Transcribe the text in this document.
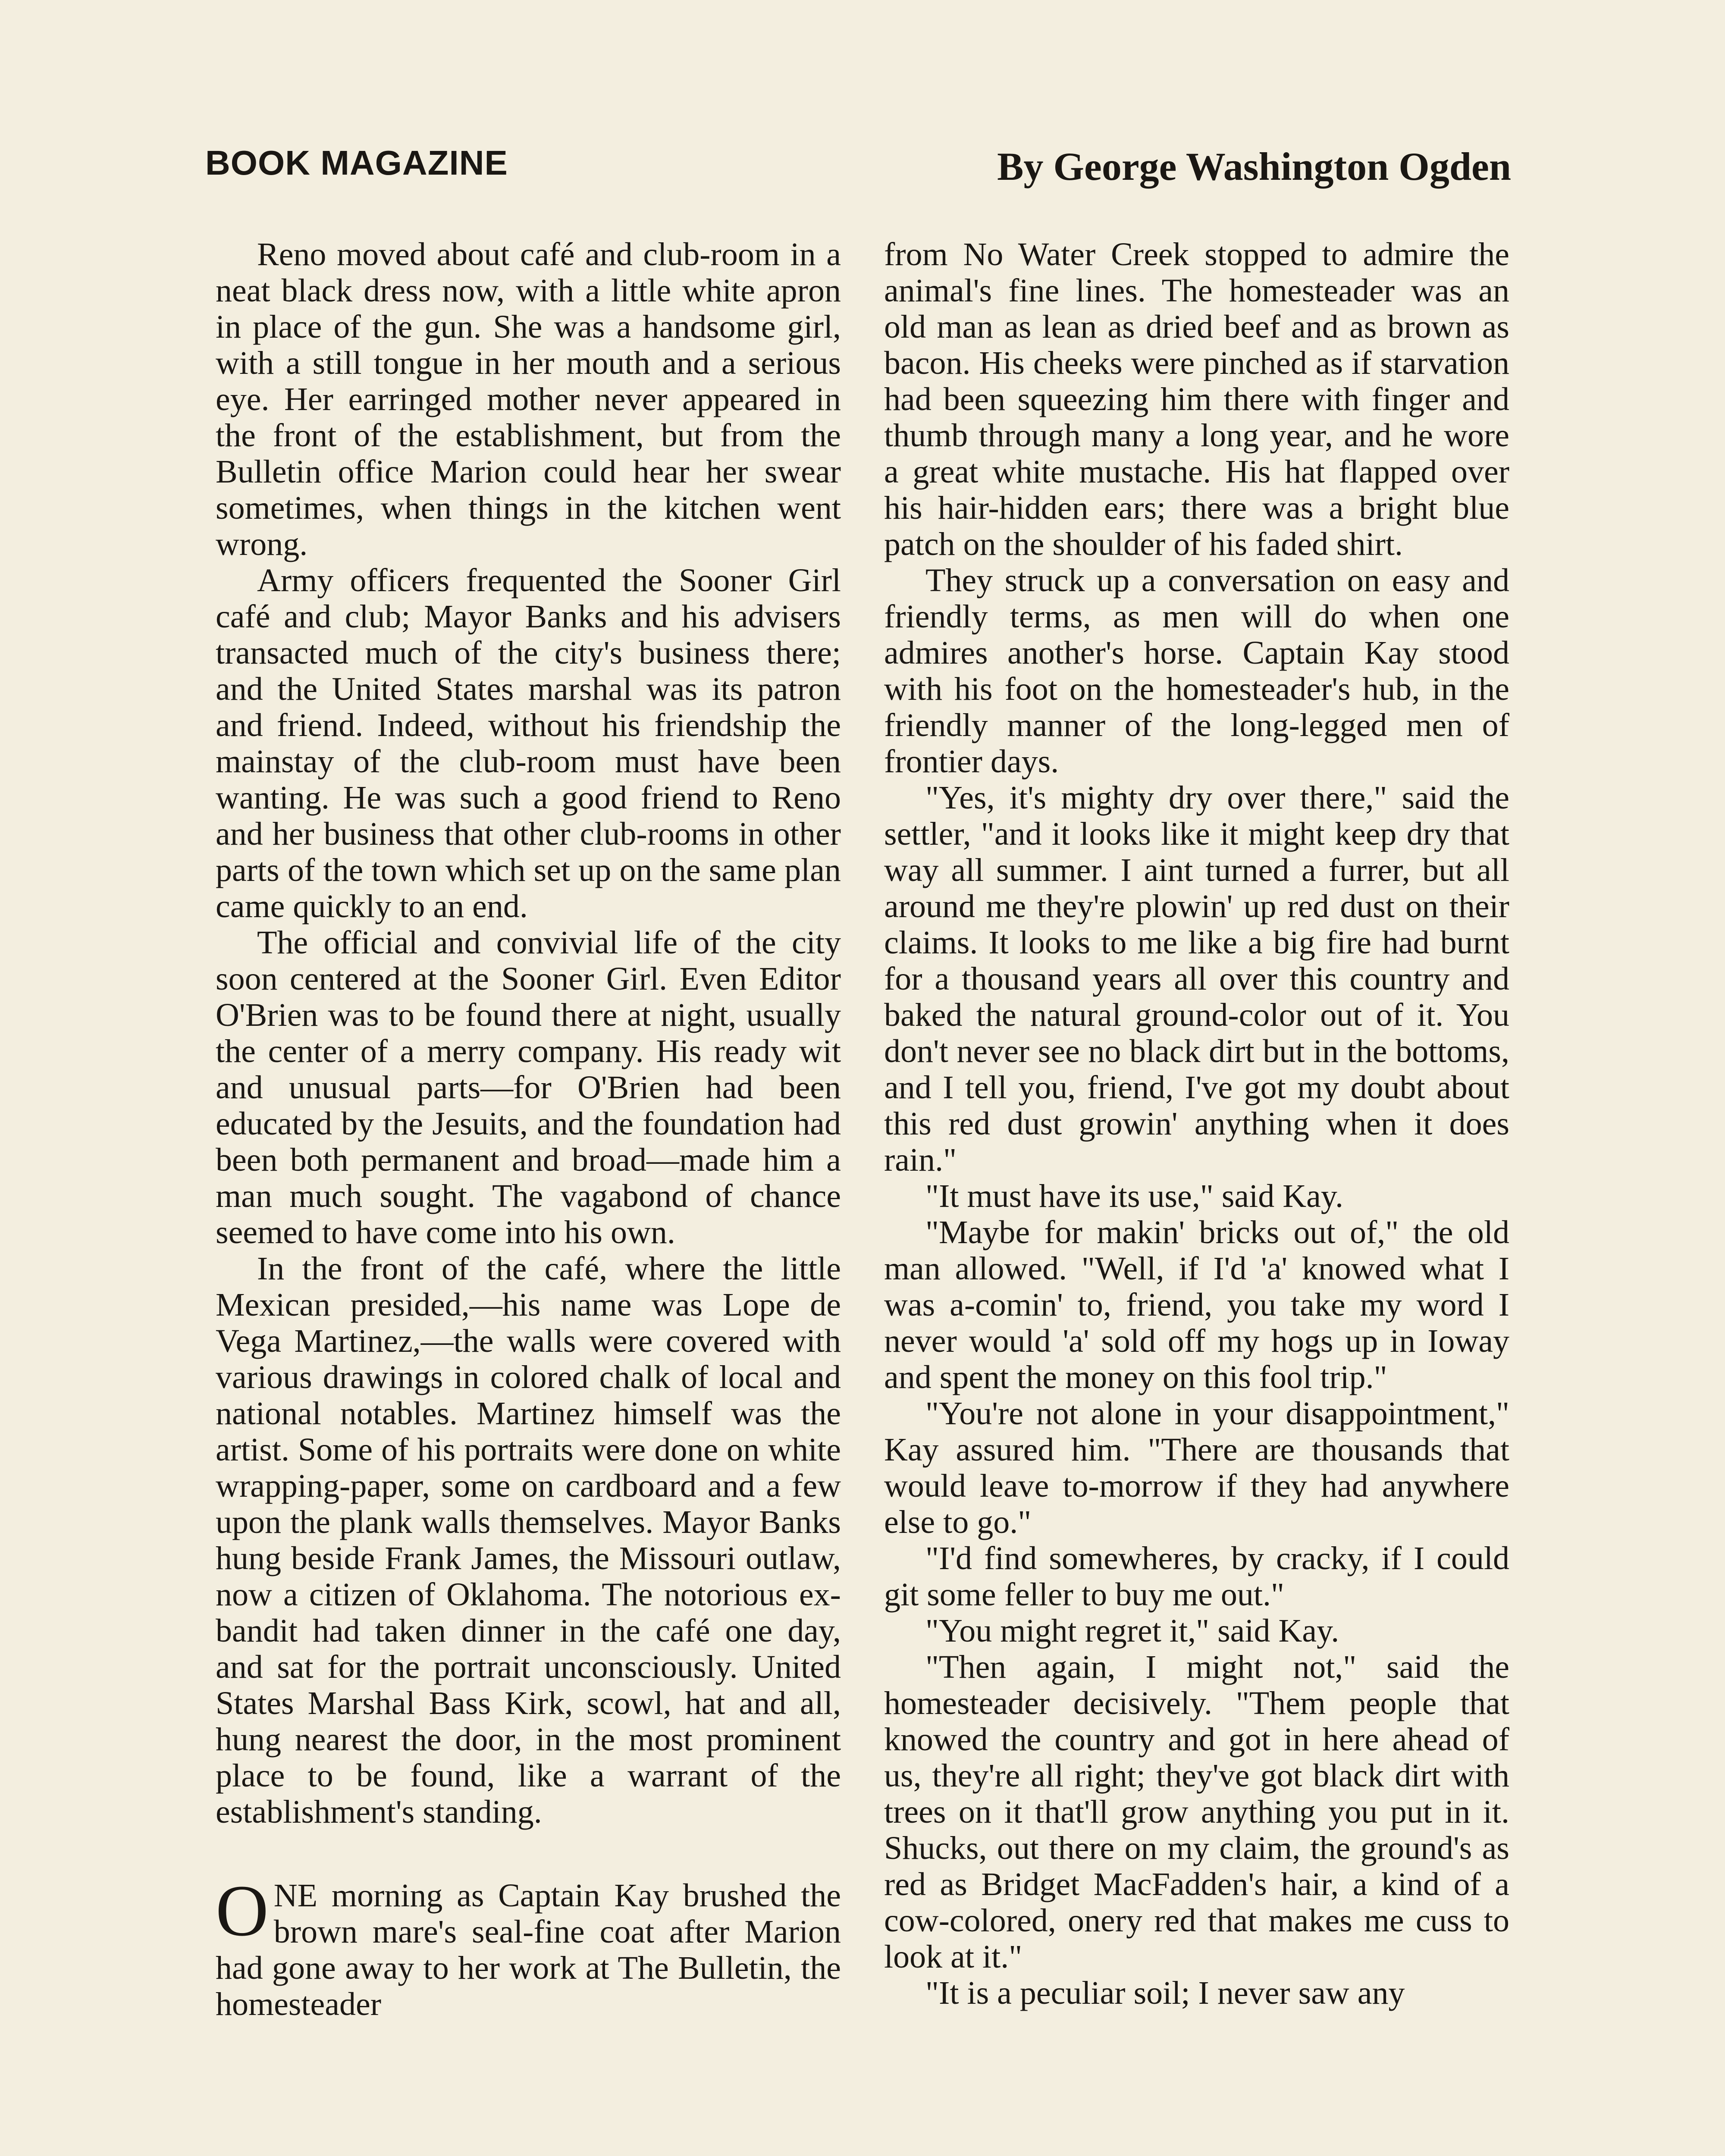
BOOK MAGAZINE	By George Washington Ogden

Reno moved about café and club-room in a neat black dress now, with a little white apron in place of the gun. She was a handsome girl, with a still tongue in her mouth and a serious eye. Her earringed mother never appeared in the front of the establishment, but from the Bulletin office Marion could hear her swear sometimes, when things in the kitchen went wrong.

Army officers frequented the Sooner Girl café and club; Mayor Banks and his advisers transacted much of the city's business there; and the United States marshal was its patron and friend. Indeed, without his friendship the mainstay of the club-room must have been wanting. He was such a good friend to Reno and her business that other club-rooms in other parts of the town which set up on the same plan came quickly to an end.

The official and convivial life of the city soon centered at the Sooner Girl. Even Editor O'Brien was to be found there at night, usually the center of a merry company. His ready wit and unusual parts—for O'Brien had been educated by the Jesuits, and the foundation had been both permanent and broad—made him a man much sought. The vagabond of chance seemed to have come into his own.

In the front of the café, where the little Mexican presided,—his name was Lope de Vega Martinez,—the walls were covered with various drawings in colored chalk of local and national notables. Martinez himself was the artist. Some of his portraits were done on white wrapping-paper, some on cardboard and a few upon the plank walls themselves. Mayor Banks hung beside Frank James, the Missouri outlaw, now a citizen of Oklahoma. The notorious ex-bandit had taken dinner in the café one day, and sat for the portrait unconsciously. United States Marshal Bass Kirk, scowl, hat and all, hung nearest the door, in the most prominent place to be found, like a warrant of the establishment's standing.

ONE morning as Captain Kay brushed the brown mare's seal-fine coat after Marion had gone away to her work at The Bulletin, the homesteader

from No Water Creek stopped to admire the animal's fine lines. The homesteader was an old man as lean as dried beef and as brown as bacon. His cheeks were pinched as if starvation had been squeezing him there with finger and thumb through many a long year, and he wore a great white mustache. His hat flapped over his hair-hidden ears; there was a bright blue patch on the shoulder of his faded shirt.

They struck up a conversation on easy and friendly terms, as men will do when one admires another's horse. Captain Kay stood with his foot on the homesteader's hub, in the friendly manner of the long-legged men of frontier days.

"Yes, it's mighty dry over there," said the settler, "and it looks like it might keep dry that way all summer. I aint turned a furrer, but all around me they're plowin' up red dust on their claims. It looks to me like a big fire had burnt for a thousand years all over this country and baked the natural ground-color out of it. You don't never see no black dirt but in the bottoms, and I tell you, friend, I've got my doubt about this red dust growin' anything when it does rain."

"It must have its use," said Kay.

"Maybe for makin' bricks out of," the old man allowed. "Well, if I'd 'a' knowed what I was a-comin' to, friend, you take my word I never would 'a' sold off my hogs up in Ioway and spent the money on this fool trip."

"You're not alone in your disappointment," Kay assured him. "There are thousands that would leave to-morrow if they had anywhere else to go."

"I'd find somewheres, by cracky, if I could git some feller to buy me out."

"You might regret it," said Kay.

"Then again, I might not," said the homesteader decisively. "Them people that knowed the country and got in here ahead of us, they're all right; they've got black dirt with trees on it that'll grow anything you put in it. Shucks, out there on my claim, the ground's as red as Bridget MacFadden's hair, a kind of a cow-colored, onery red that makes me cuss to look at it."

"It is a peculiar soil; I never saw any
